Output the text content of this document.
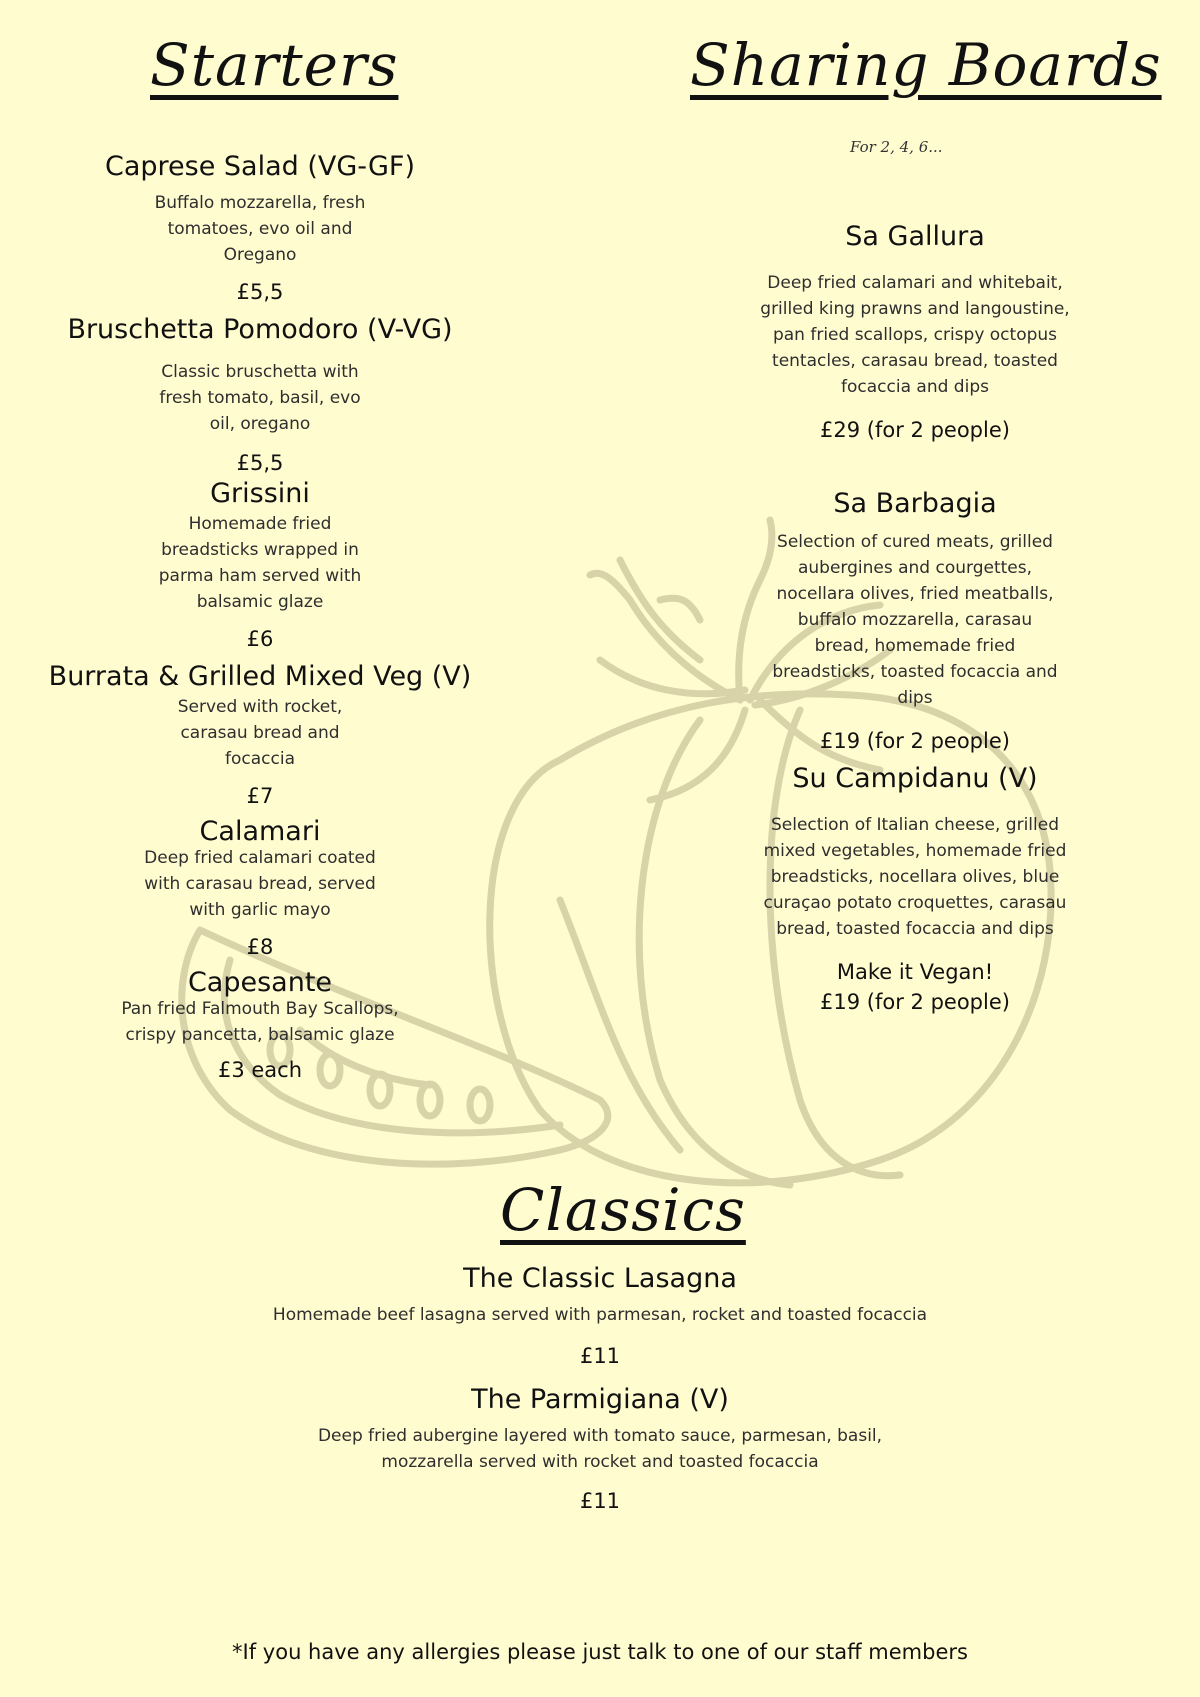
Starters	Sharing Boards
For 2, 4, 6...
Caprese Salad (VG-GF)
Buffalo mozzarella, fresh tomatoes, evo oil and Oregano
£5,5
Bruschetta Pomodoro (V-VG)
Classic bruschetta with fresh tomato, basil, evo oil, oregano
£5,5
Grissini
Homemade fried breadsticks wrapped in parma ham served with balsamic glaze
£6
Burrata & Grilled Mixed Veg (V)
Served with rocket, carasau bread and focaccia
£7
Calamari
Deep fried calamari coated with carasau bread, served with garlic mayo
£8
Capesante
Pan fried Falmouth Bay Scallops, crispy pancetta, balsamic glaze
£3 each
Sa Gallura
Deep fried calamari and whitebait, grilled king prawns and langoustine, pan fried scallops, crispy octopus tentacles, carasau bread, toasted focaccia and dips
£29 (for 2 people)
Sa Barbagia
Selection of cured meats, grilled aubergines and courgettes, nocellara olives, fried meatballs, buffalo mozzarella, carasau bread, homemade fried breadsticks, toasted focaccia and dips
£19 (for 2 people)
Su Campidanu (V)
Selection of Italian cheese, grilled mixed vegetables, homemade fried breadsticks, nocellara olives, blue curaçao potato croquettes, carasau bread, toasted focaccia and dips
Make it Vegan!
£19 (for 2 people)
Classics
The Classic Lasagna
Homemade beef lasagna served with parmesan, rocket and toasted focaccia
£11
The Parmigiana (V)
Deep fried aubergine layered with tomato sauce, parmesan, basil, mozzarella served with rocket and toasted focaccia
£11
*If you have any allergies please just talk to one of our staff members
